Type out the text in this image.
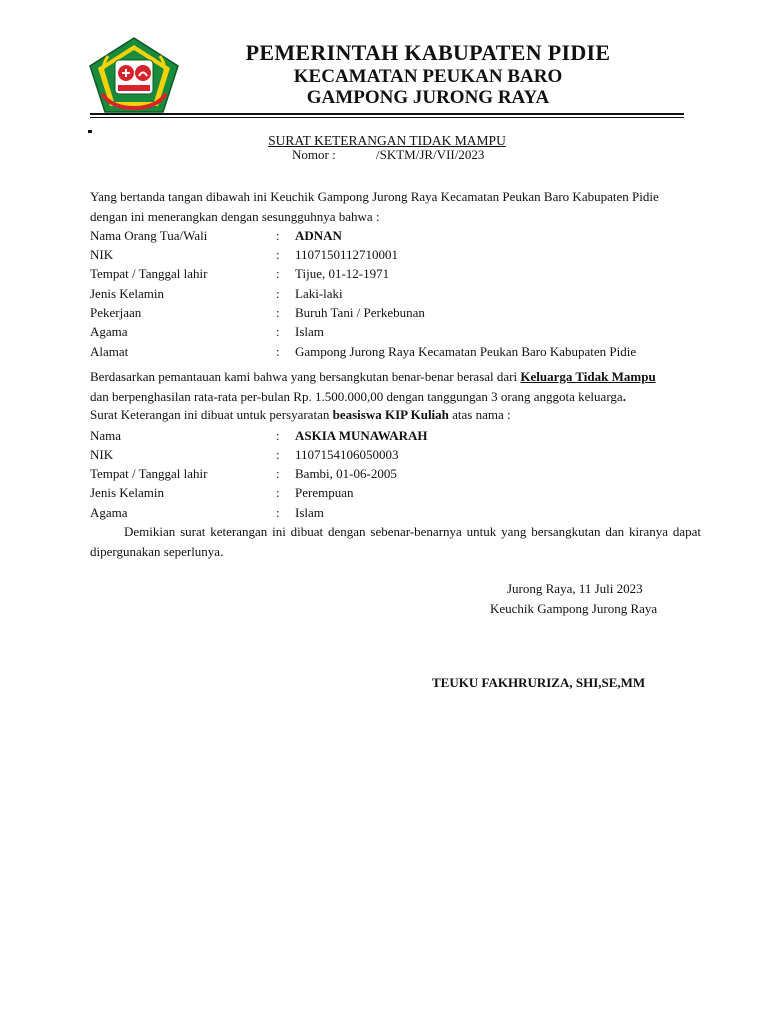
PEMERINTAH KABUPATEN PIDIE
KECAMATAN PEUKAN BARO
GAMPONG JURONG RAYA
SURAT KETERANGAN TIDAK MAMPU
Nomor :	/SKTM/JR/VII/2023
Yang bertanda tangan dibawah ini Keuchik Gampong Jurong Raya Kecamatan Peukan Baro Kabupaten Pidie
dengan ini menerangkan dengan sesungguhnya bahwa :
Nama Orang Tua/Wali	: ADNAN
NIK	: 1107150112710001
Tempat / Tanggal lahir	: Tijue, 01-12-1971
Jenis Kelamin	: Laki-laki
Pekerjaan	: Buruh Tani / Perkebunan
Agama	: Islam
Alamat	: Gampong Jurong Raya Kecamatan Peukan Baro Kabupaten Pidie
Berdasarkan pemantauan kami bahwa yang bersangkutan benar-benar berasal dari Keluarga Tidak Mampu
dan berpenghasilan rata-rata per-bulan Rp. 1.500.000,00 dengan tanggungan 3 orang anggota keluarga.
Surat Keterangan ini dibuat untuk persyaratan beasiswa KIP Kuliah atas nama :
Nama	: ASKIA MUNAWARAH
NIK	: 1107154106050003
Tempat / Tanggal lahir	: Bambi, 01-06-2005
Jenis Kelamin	: Perempuan
Agama	: Islam
Demikian surat keterangan ini dibuat dengan sebenar-benarnya untuk yang bersangkutan dan kiranya dapat dipergunakan seperlunya.
Jurong Raya, 11 Juli 2023
Keuchik Gampong Jurong Raya
TEUKU FAKHRURIZA, SHI,SE,MM
